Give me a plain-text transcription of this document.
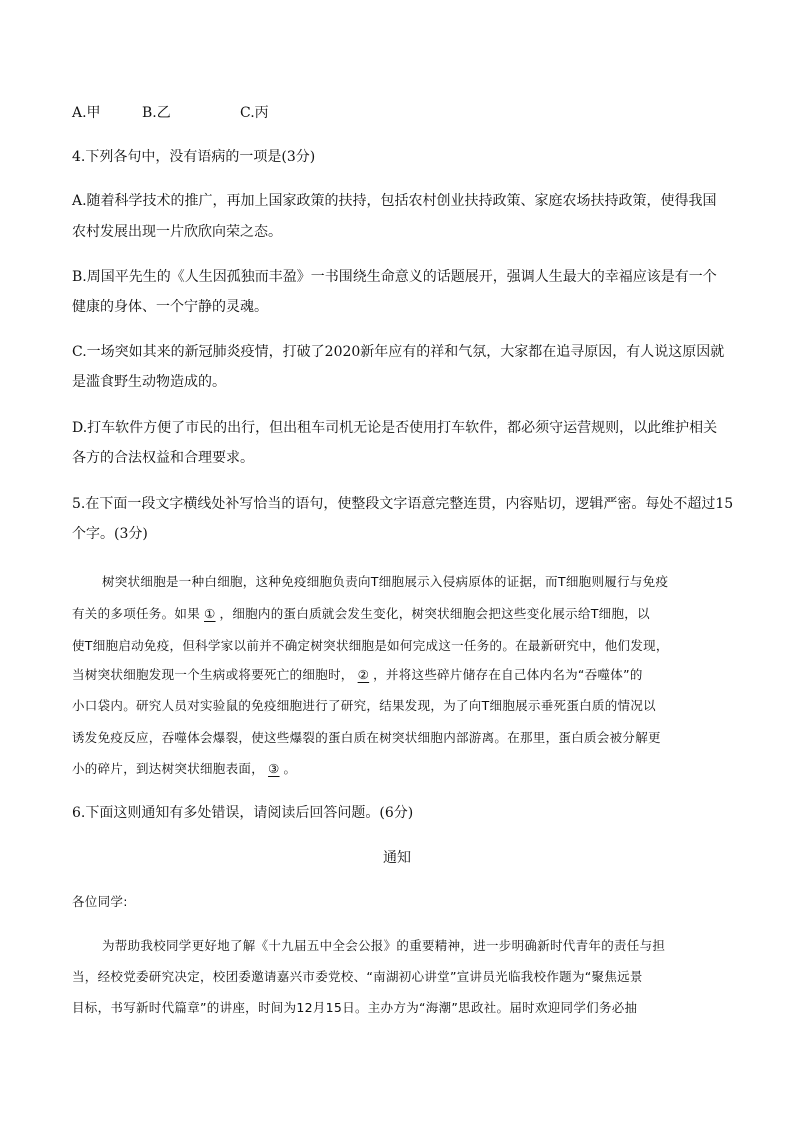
A.甲	B.乙	C.丙
4.下列各句中，没有语病的一项是(3分)
A.随着科学技术的推广，再加上国家政策的扶持，包括农村创业扶持政策、家庭农场扶持政策，使得我国
农村发展出现一片欣欣向荣之态。
B.周国平先生的《人生因孤独而丰盈》一书围绕生命意义的话题展开，强调人生最大的幸福应该是有一个
健康的身体、一个宁静的灵魂。
C.一场突如其来的新冠肺炎疫情，打破了2020新年应有的祥和气氛，大家都在追寻原因，有人说这原因就
是滥食野生动物造成的。
D.打车软件方便了市民的出行，但出租车司机无论是否使用打车软件，都必须守运营规则，以此维护相关
各方的合法权益和合理要求。
5.在下面一段文字横线处补写恰当的语句，使整段文字语意完整连贯，内容贴切，逻辑严密。每处不超过15
个字。(3分)
树突状细胞是一种白细胞，这种免疫细胞负责向T细胞展示入侵病原体的证据，而T细胞则履行与免疫
有关的多项任务。如果 ① ，细胞内的蛋白质就会发生变化，树突状细胞会把这些变化展示给T细胞，以
使T细胞启动免疫，但科学家以前并不确定树突状细胞是如何完成这一任务的。在最新研究中，他们发现，
当树突状细胞发现一个生病或将要死亡的细胞时， ② ，并将这些碎片储存在自己体内名为“吞噬体”的
小口袋内。研究人员对实验鼠的免疫细胞进行了研究，结果发现，为了向T细胞展示垂死蛋白质的情况以
诱发免疫反应，吞噬体会爆裂，使这些爆裂的蛋白质在树突状细胞内部游离。在那里，蛋白质会被分解更
小的碎片，到达树突状细胞表面， ③ 。
6.下面这则通知有多处错误，请阅读后回答问题。(6分)
通知
各位同学:
为帮助我校同学更好地了解《十九届五中全会公报》的重要精神，进一步明确新时代青年的责任与担
当，经校党委研究决定，校团委邀请嘉兴市委党校、“南湖初心讲堂”宣讲员光临我校作题为“聚焦远景
目标，书写新时代篇章”的讲座，时间为12月15日。主办方为“海潮”思政社。届时欢迎同学们务必抽
